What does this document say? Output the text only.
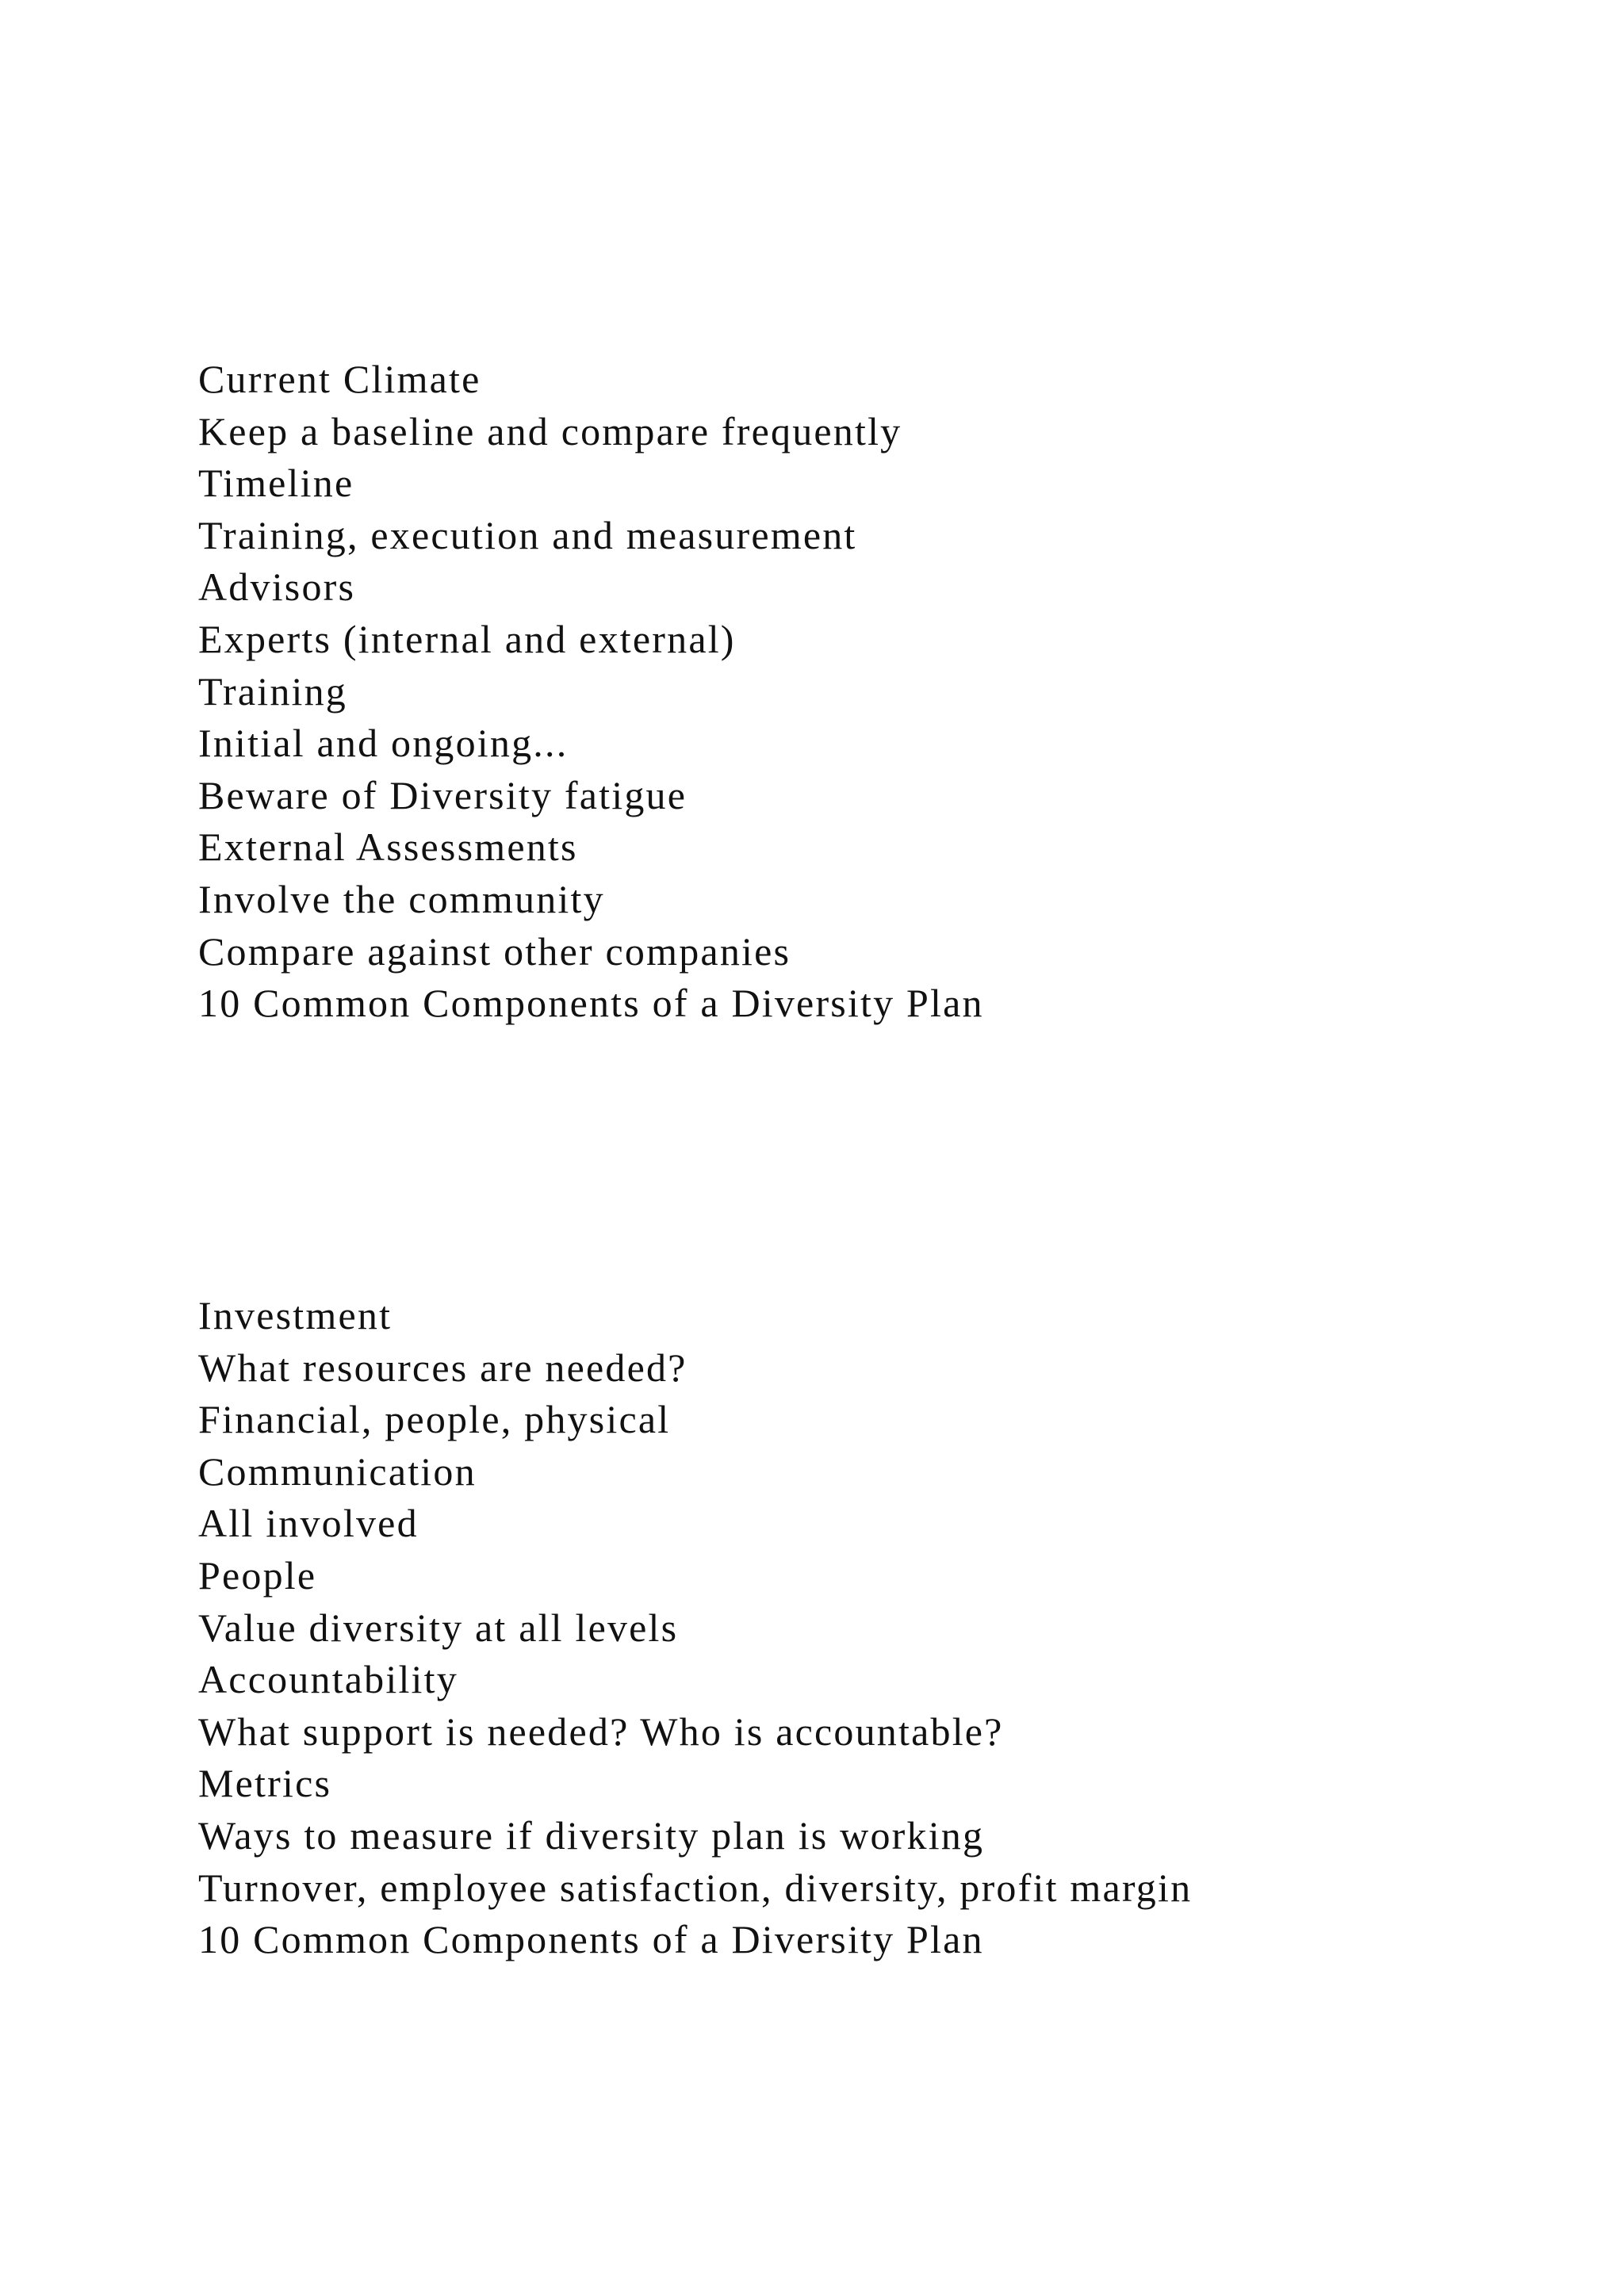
Current Climate
Keep a baseline and compare frequently
Timeline
Training, execution and measurement
Advisors
Experts (internal and external)
Training
Initial and ongoing...
Beware of Diversity fatigue
External Assessments
Involve the community
Compare against other companies
10 Common Components of a Diversity Plan
Investment
What resources are needed?
Financial, people, physical
Communication
All involved
People
Value diversity at all levels
Accountability
What support is needed? Who is accountable?
Metrics
Ways to measure if diversity plan is working
Turnover, employee satisfaction, diversity, profit margin
10 Common Components of a Diversity Plan
